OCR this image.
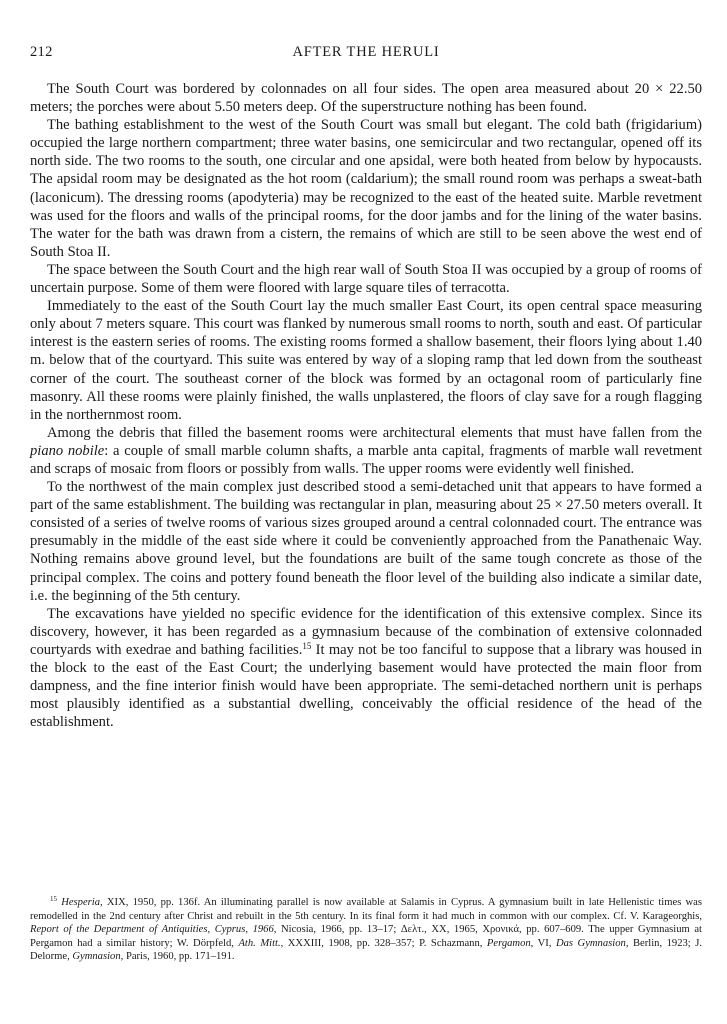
212	AFTER THE HERULI

The South Court was bordered by colonnades on all four sides. The open area measured about 20 × 22.50 meters; the porches were about 5.50 meters deep. Of the superstructure nothing has been found.

The bathing establishment to the west of the South Court was small but elegant. The cold bath (frigidarium) occupied the large northern compartment; three water basins, one semicircular and two rectangular, opened off its north side. The two rooms to the south, one circular and one apsidal, were both heated from below by hypocausts. The apsidal room may be designated as the hot room (caldarium); the small round room was perhaps a sweat-bath (laconicum). The dressing rooms (apodyteria) may be recognized to the east of the heated suite. Marble revetment was used for the floors and walls of the principal rooms, for the door jambs and for the lining of the water basins. The water for the bath was drawn from a cistern, the remains of which are still to be seen above the west end of South Stoa II.

The space between the South Court and the high rear wall of South Stoa II was occupied by a group of rooms of uncertain purpose. Some of them were floored with large square tiles of terracotta.

Immediately to the east of the South Court lay the much smaller East Court, its open central space measuring only about 7 meters square. This court was flanked by numerous small rooms to north, south and east. Of particular interest is the eastern series of rooms. The existing rooms formed a shallow basement, their floors lying about 1.40 m. below that of the courtyard. This suite was entered by way of a sloping ramp that led down from the southeast corner of the court. The southeast corner of the block was formed by an octagonal room of particularly fine masonry. All these rooms were plainly finished, the walls unplastered, the floors of clay save for a rough flagging in the northernmost room.

Among the debris that filled the basement rooms were architectural elements that must have fallen from the piano nobile: a couple of small marble column shafts, a marble anta capital, fragments of marble wall revetment and scraps of mosaic from floors or possibly from walls. The upper rooms were evidently well finished.

To the northwest of the main complex just described stood a semi-detached unit that appears to have formed a part of the same establishment. The building was rectangular in plan, measuring about 25 × 27.50 meters overall. It consisted of a series of twelve rooms of various sizes grouped around a central colonnaded court. The entrance was presumably in the middle of the east side where it could be conveniently approached from the Panathenaic Way. Nothing remains above ground level, but the foundations are built of the same tough concrete as those of the principal complex. The coins and pottery found beneath the floor level of the building also indicate a similar date, i.e. the beginning of the 5th century.

The excavations have yielded no specific evidence for the identification of this extensive complex. Since its discovery, however, it has been regarded as a gymnasium because of the combination of extensive colonnaded courtyards with exedrae and bathing facilities.$^{15}$ It may not be too fanciful to suppose that a library was housed in the block to the east of the East Court; the underlying basement would have protected the main floor from dampness, and the fine interior finish would have been appropriate. The semi-detached northern unit is perhaps most plausibly identified as a substantial dwelling, conceivably the official residence of the head of the establishment.

$^{15}$ Hesperia, XIX, 1950, pp. 136f. An illuminating parallel is now available at Salamis in Cyprus. A gymnasium built in late Hellenistic times was remodelled in the 2nd century after Christ and rebuilt in the 5th century. In its final form it had much in common with our complex. Cf. V. Karageorghis, Report of the Department of Antiquities, Cyprus, 1966, Nicosia, 1966, pp. 13–17; Δελτ., XX, 1965, Χρονικά, pp. 607–609. The upper Gymnasium at Pergamon had a similar history; W. Dörpfeld, Ath. Mitt., XXXIII, 1908, pp. 328–357; P. Schazmann, Pergamon, VI, Das Gymnasion, Berlin, 1923; J. Delorme, Gymnasion, Paris, 1960, pp. 171–191.
